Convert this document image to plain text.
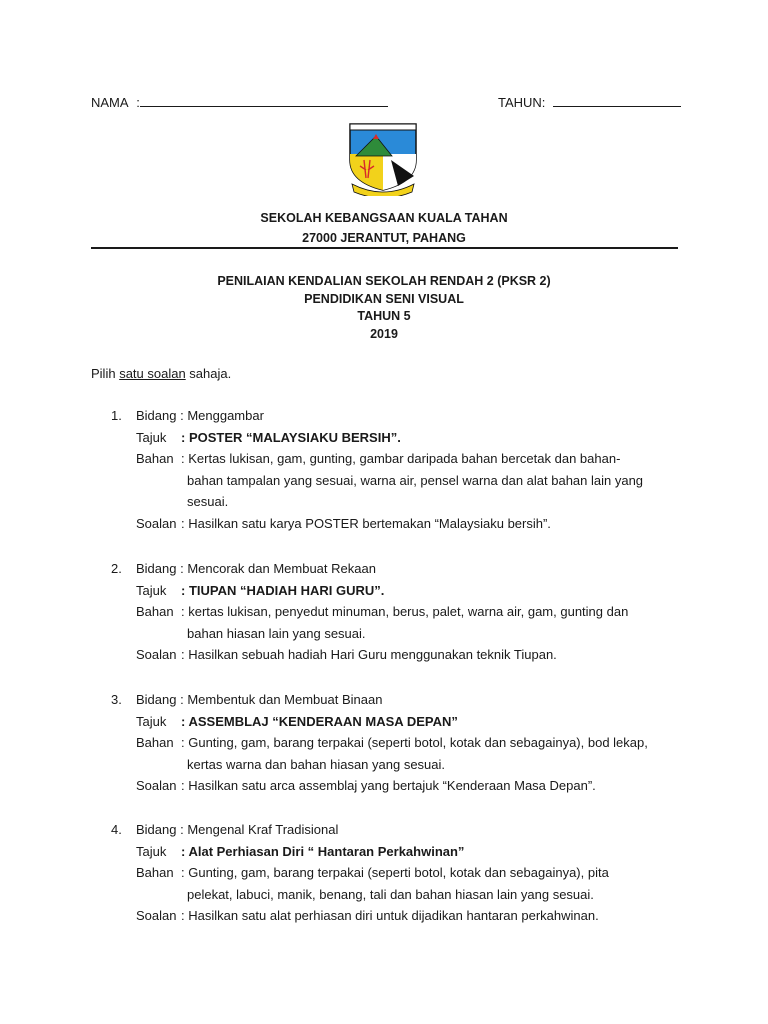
NAMA :	TAHUN:
SEKOLAH KEBANGSAAN KUALA TAHAN
27000 JERANTUT, PAHANG
PENILAIAN KENDALIAN SEKOLAH RENDAH 2 (PKSR 2)
PENDIDIKAN SENI VISUAL
TAHUN 5
2019
Pilih satu soalan sahaja.
1. Bidang : Menggambar
Tajuk : POSTER “MALAYSIAKU BERSIH”.
Bahan : Kertas lukisan, gam, gunting, gambar daripada bahan bercetak dan bahan-
bahan tampalan yang sesuai, warna air, pensel warna dan alat bahan lain yang sesuai.
Soalan : Hasilkan satu karya POSTER bertemakan “Malaysiaku bersih”.
2. Bidang : Mencorak dan Membuat Rekaan
Tajuk : TIUPAN “HADIAH HARI GURU”.
Bahan : kertas lukisan, penyedut minuman, berus, palet, warna air, gam, gunting dan
bahan hiasan lain yang sesuai.
Soalan : Hasilkan sebuah hadiah Hari Guru menggunakan teknik Tiupan.
3. Bidang : Membentuk dan Membuat Binaan
Tajuk : ASSEMBLAJ “KENDERAAN MASA DEPAN”
Bahan : Gunting, gam, barang terpakai (seperti botol, kotak dan sebagainya), bod lekap,
kertas warna dan bahan hiasan yang sesuai.
Soalan : Hasilkan satu arca assemblaj yang bertajuk “Kenderaan Masa Depan”.
4. Bidang : Mengenal Kraf Tradisional
Tajuk : Alat Perhiasan Diri “ Hantaran Perkahwinan”
Bahan : Gunting, gam, barang terpakai (seperti botol, kotak dan sebagainya), pita
pelekat, labuci, manik, benang, tali dan bahan hiasan lain yang sesuai.
Soalan : Hasilkan satu alat perhiasan diri untuk dijadikan hantaran perkahwinan.
